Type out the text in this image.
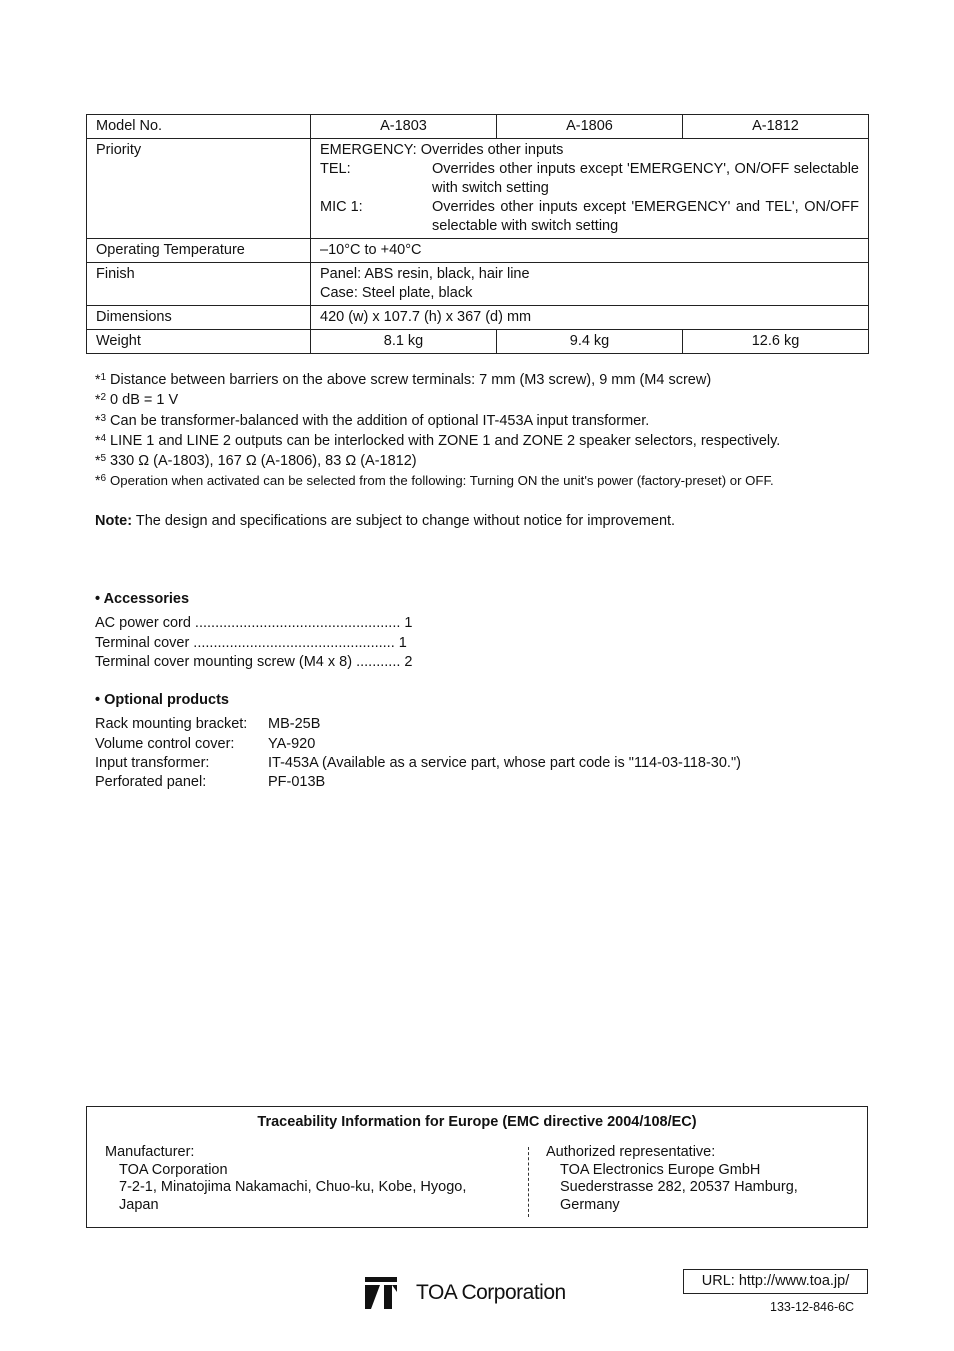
Model No.	A-1803	A-1806	A-1812
Priority	EMERGENCY: Overrides other inputs
TEL: Overrides other inputs except 'EMERGENCY', ON/OFF selectable with switch setting
MIC 1: Overrides other inputs except 'EMERGENCY' and TEL', ON/OFF selectable with switch setting		

Operating Temperature	–10°C to +40°C		
Finish	Panel: ABS resin, black, hair line
Case: Steel plate, black		

Dimensions	420 (w) x 107.7 (h) x 367 (d) mm		
Weight	8.1 kg	9.4 kg	12.6 kg
*$^1$ Distance between barriers on the above screw terminals: 7 mm (M3 screw), 9 mm (M4 screw)
*$^2$ 0 dB = 1 V
*$^3$ Can be transformer-balanced with the addition of optional IT-453A input transformer.
*$^4$ LINE 1 and LINE 2 outputs can be interlocked with ZONE 1 and ZONE 2 speaker selectors, respectively.
*$^5$ 330 Ω (A-1803), 167 Ω (A-1806), 83 Ω (A-1812)
*$^6$ Operation when activated can be selected from the following: Turning ON the unit's power (factory-preset) or OFF.
Note: The design and specifications are subject to change without notice for improvement.
• Accessories
AC power cord ................................................... 1
Terminal cover .................................................. 1
Terminal cover mounting screw (M4 x 8) ........... 2
• Optional products
Rack mounting bracket:	MB-25B
Volume control cover:	YA-920
Input transformer:	IT-453A (Available as a service part, whose part code is "114-03-118-30.")
Perforated panel:	PF-013B
Traceability Information for Europe (EMC directive 2004/108/EC)
Manufacturer:
TOA Corporation
7-2-1, Minatojima Nakamachi, Chuo-ku, Kobe, Hyogo,
Japan
Authorized representative:
TOA Electronics Europe GmbH
Suederstrasse 282, 20537 Hamburg,
Germany
TOA Corporation	URL: http://www.toa.jp/
133-12-846-6C
